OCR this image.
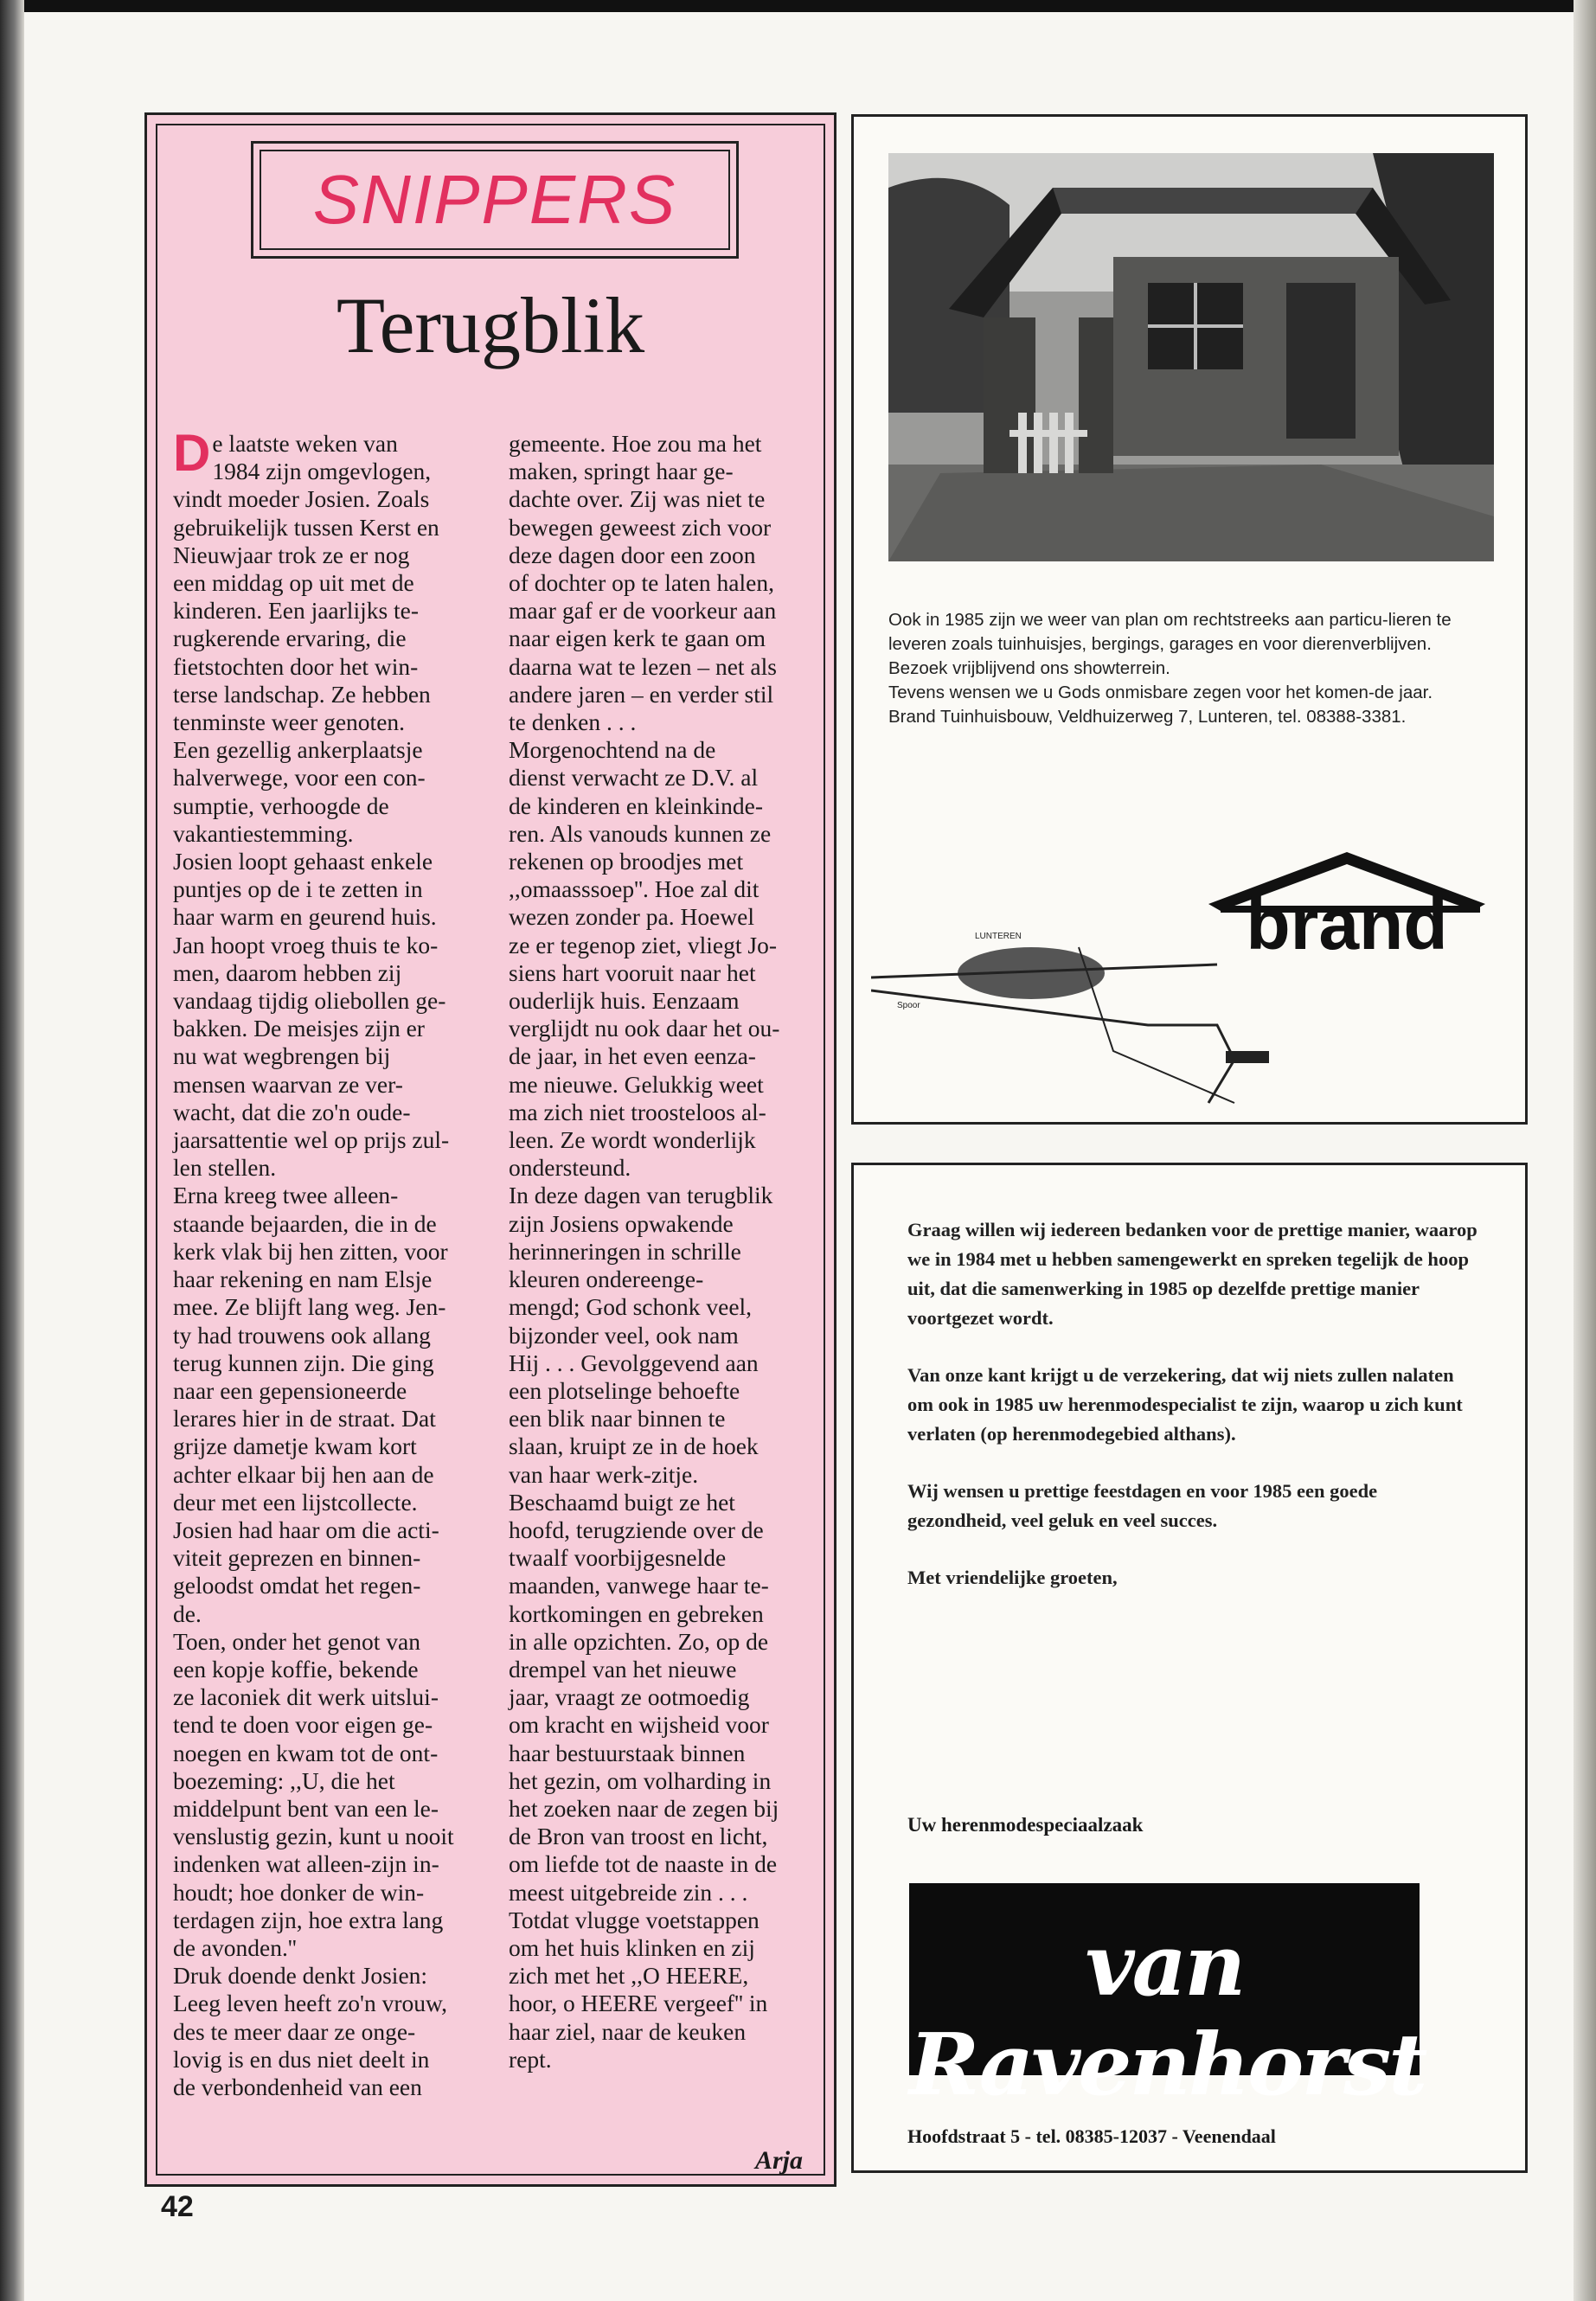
SNIPPERS
Terugblik
De laatste weken van
1984 zijn omgevlogen,
vindt moeder Josien. Zoals
gebruikelijk tussen Kerst en
Nieuwjaar trok ze er nog
een middag op uit met de
kinderen. Een jaarlijks te-
rugkerende ervaring, die
fietstochten door het win-
terse landschap. Ze hebben
tenminste weer genoten.
Een gezellig ankerplaatsje
halverwege, voor een con-
sumptie, verhoogde de
vakantiestemming.
Josien loopt gehaast enkele
puntjes op de i te zetten in
haar warm en geurend huis.
Jan hoopt vroeg thuis te ko-
men, daarom hebben zij
vandaag tijdig oliebollen ge-
bakken. De meisjes zijn er
nu wat wegbrengen bij
mensen waarvan ze ver-
wacht, dat die zo'n oude-
jaarsattentie wel op prijs zul-
len stellen.
Erna kreeg twee alleen-
staande bejaarden, die in de
kerk vlak bij hen zitten, voor
haar rekening en nam Elsje
mee. Ze blijft lang weg. Jen-
ty had trouwens ook allang
terug kunnen zijn. Die ging
naar een gepensioneerde
lerares hier in de straat. Dat
grijze dametje kwam kort
achter elkaar bij hen aan de
deur met een lijstcollecte.
Josien had haar om die acti-
viteit geprezen en binnen-
geloodst omdat het regen-
de.
Toen, onder het genot van
een kopje koffie, bekende
ze laconiek dit werk uitslui-
tend te doen voor eigen ge-
noegen en kwam tot de ont-
boezeming: ,,U, die het
middelpunt bent van een le-
venslustig gezin, kunt u nooit
indenken wat alleen-zijn in-
houdt; hoe donker de win-
terdagen zijn, hoe extra lang
de avonden.''
Druk doende denkt Josien:
Leeg leven heeft zo'n vrouw,
des te meer daar ze onge-
lovig is en dus niet deelt in
de verbondenheid van een
gemeente. Hoe zou ma het
maken, springt haar ge-
dachte over. Zij was niet te
bewegen geweest zich voor
deze dagen door een zoon
of dochter op te laten halen,
maar gaf er de voorkeur aan
naar eigen kerk te gaan om
daarna wat te lezen – net als
andere jaren – en verder stil
te denken . . .
Morgenochtend na de
dienst verwacht ze D.V. al
de kinderen en kleinkinde-
ren. Als vanouds kunnen ze
rekenen op broodjes met
,,omaasssoep''. Hoe zal dit
wezen zonder pa. Hoewel
ze er tegenop ziet, vliegt Jo-
siens hart vooruit naar het
ouderlijk huis. Eenzaam
verglijdt nu ook daar het ou-
de jaar, in het even eenza-
me nieuwe. Gelukkig weet
ma zich niet troosteloos al-
leen. Ze wordt wonderlijk
ondersteund.
In deze dagen van terugblik
zijn Josiens opwakende
herinneringen in schrille
kleuren ondereenge-
mengd; God schonk veel,
bijzonder veel, ook nam
Hij . . . Gevolggevend aan
een plotselinge behoefte
een blik naar binnen te
slaan, kruipt ze in de hoek
van haar werk-zitje.
Beschaamd buigt ze het
hoofd, terugziende over de
twaalf voorbijgesnelde
maanden, vanwege haar te-
kortkomingen en gebreken
in alle opzichten. Zo, op de
drempel van het nieuwe
jaar, vraagt ze ootmoedig
om kracht en wijsheid voor
haar bestuurstaak binnen
het gezin, om volharding in
het zoeken naar de zegen bij
de Bron van troost en licht,
om liefde tot de naaste in de
meest uitgebreide zin . . .
Totdat vlugge voetstappen
om het huis klinken en zij
zich met het ,,O HEERE,
hoor, o HEERE vergeef'' in
haar ziel, naar de keuken
rept.
Arja
42

Ook in 1985 zijn we weer van plan om rechtstreeks aan particu-lieren te leveren zoals tuinhuisjes, bergings, garages en voor dierenverblijven.

Bezoek vrijblijvend ons showterrein.

Tevens wensen we u Gods onmisbare zegen voor het komen-de jaar.

Brand Tuinhuisbouw, Veldhuizerweg 7, Lunteren, tel. 08388-3381.

brand
LUNTEREN
Spoor

Graag willen wij iedereen bedanken voor de prettige manier, waarop we in 1984 met u hebben samengewerkt en spreken tegelijk de hoop uit, dat die samenwerking in 1985 op dezelfde prettige manier voortgezet wordt.

Van onze kant krijgt u de verzekering, dat wij niets zullen nalaten om ook in 1985 uw herenmodespecialist te zijn, waarop u zich kunt verlaten (op herenmodegebied althans).

Wij wensen u prettige feestdagen en voor 1985 een goede gezondheid, veel geluk en veel succes.

Met vriendelijke groeten,

Uw herenmodespeciaalzaak
van Ravenhorst
Hoofdstraat 5 - tel. 08385-12037 - Veenendaal
